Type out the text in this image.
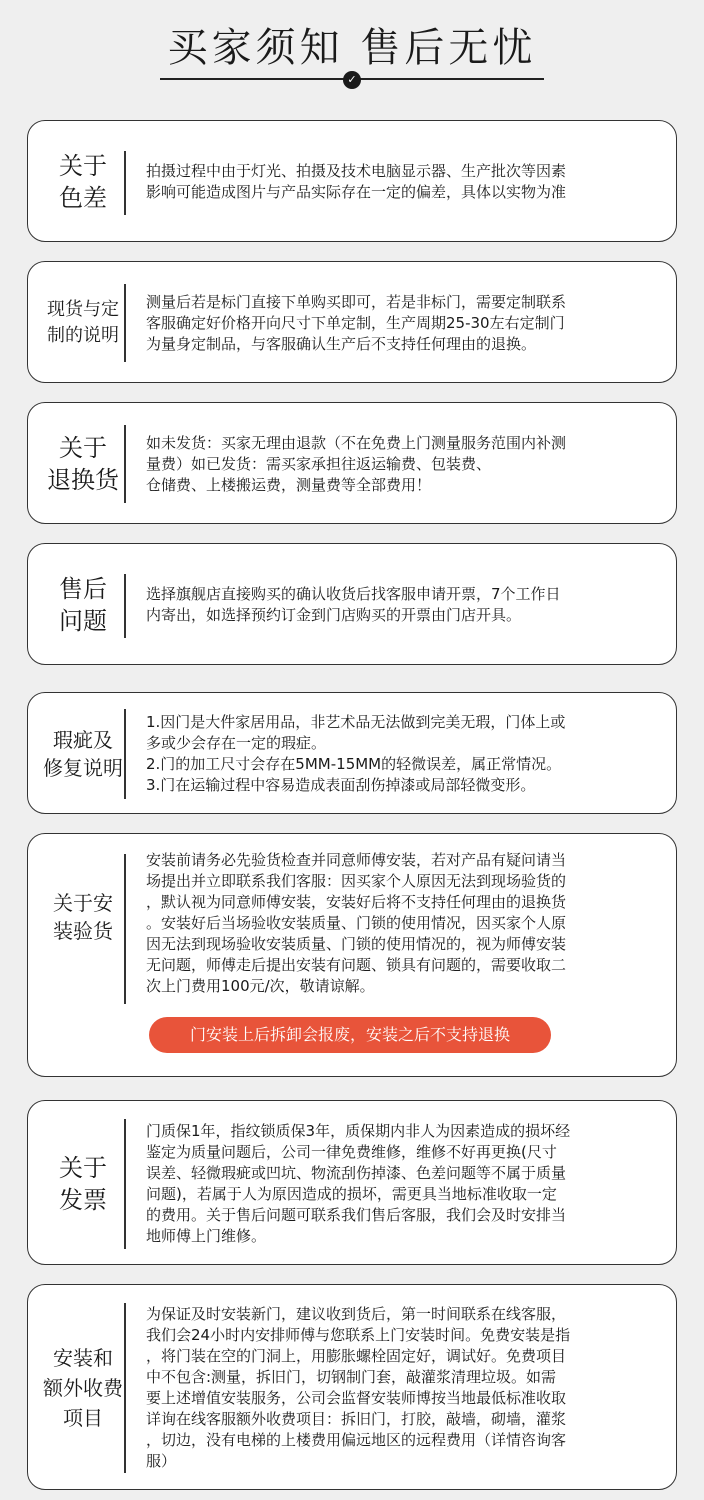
买家须知 售后无忧
✓
关于
色差

拍摄过程中由于灯光、拍摄及技术电脑显示器、生产批次等因素

影响可能造成图片与产品实际存在一定的偏差，具体以实物为准

现货与定
制的说明

测量后若是标门直接下单购买即可，若是非标门，需要定制联系

客服确定好价格开向尺寸下单定制，生产周期25-30左右定制门

为量身定制品，与客服确认生产后不支持任何理由的退换。

关于
退换货

如未发货：买家无理由退款（不在免费上门测量服务范围内补测

量费）如已发货：需买家承担往返运输费、包装费、

仓储费、上楼搬运费，测量费等全部费用！

售后
问题

选择旗舰店直接购买的确认收货后找客服申请开票，7个工作日

内寄出，如选择预约订金到门店购买的开票由门店开具。

瑕疵及
修复说明

1.因门是大件家居用品，非艺术品无法做到完美无瑕，门体上或

多或少会存在一定的瑕症。

2.门的加工尺寸会存在5MM-15MM的轻微误差，属正常情况。

3.门在运输过程中容易造成表面刮伤掉漆或局部轻微变形。

关于安
装验货

安装前请务必先验货检查并同意师傅安装，若对产品有疑问请当

场提出并立即联系我们客服：因买家个人原因无法到现场验货的

，默认视为同意师傅安装，安装好后将不支持任何理由的退换货

。安装好后当场验收安装质量、门锁的使用情况，因买家个人原

因无法到现场验收安装质量、门锁的使用情况的，视为师傅安装

无问题，师傅走后提出安装有问题、锁具有问题的，需要收取二

次上门费用100元/次，敬请谅解。

门安装上后拆卸会报废，安装之后不支持退换
关于
发票

门质保1年，指纹锁质保3年，质保期内非人为因素造成的损坏经

鉴定为质量问题后，公司一律免费维修，维修不好再更换(尺寸

误差、轻微瑕疵或凹坑、物流刮伤掉漆、色差问题等不属于质量

问题)，若属于人为原因造成的损坏，需更具当地标准收取一定

的费用。关于售后问题可联系我们售后客服，我们会及时安排当

地师傅上门维修。

安装和
额外收费
项目

为保证及时安装新门，建议收到货后，第一时间联系在线客服，

我们会24小时内安排师傅与您联系上门安装时间。免费安装是指

，将门装在空的门洞上，用膨胀螺栓固定好，调试好。免费项目

中不包含:测量，拆旧门，切钢制门套，敲灌浆清理垃圾。如需

要上述增值安装服务，公司会监督安装师博按当地最低标准收取

详询在线客服额外收费项目：拆旧门，打胶，敲墙，砌墙，灌浆

，切边，没有电梯的上楼费用偏远地区的远程费用（详情咨询客

服）
